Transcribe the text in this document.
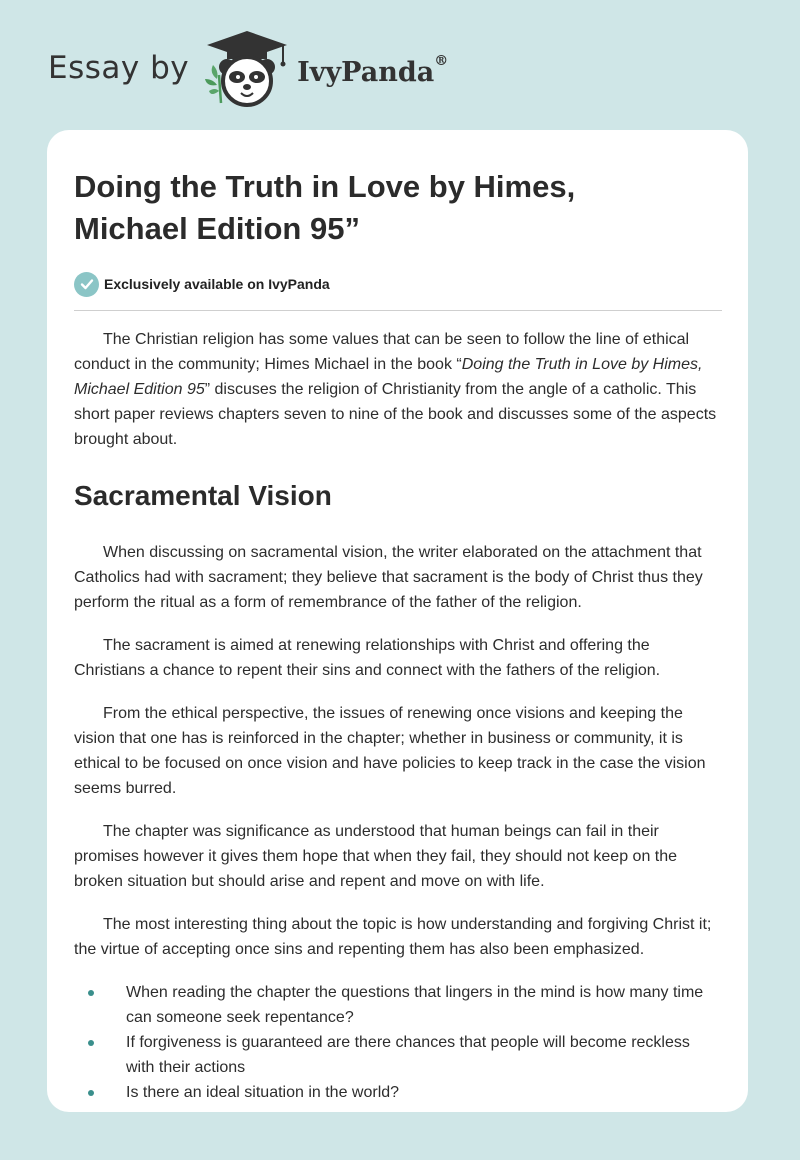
Essay by	IvyPanda®
Doing the Truth in Love by Himes,
Michael Edition 95”
Exclusively available on IvyPanda

The Christian religion has some values that can be seen to follow the line of ethical conduct in the community; Himes Michael in the book “Doing the Truth in Love by Himes, Michael Edition 95” discuses the religion of Christianity from the angle of a catholic. This short paper reviews chapters seven to nine of the book and discusses some of the aspects brought about.

Sacramental Vision

When discussing on sacramental vision, the writer elaborated on the attachment that Catholics had with sacrament; they believe that sacrament is the body of Christ thus they perform the ritual as a form of remembrance of the father of the religion.

The sacrament is aimed at renewing relationships with Christ and offering the Christians a chance to repent their sins and connect with the fathers of the religion.

From the ethical perspective, the issues of renewing once visions and keeping the vision that one has is reinforced in the chapter; whether in business or community, it is ethical to be focused on once vision and have policies to keep track in the case the vision seems burred.

The chapter was significance as understood that human beings can fail in their promises however it gives them hope that when they fail, they should not keep on the broken situation but should arise and repent and move on with life.

The most interesting thing about the topic is how understanding and forgiving Christ it; the virtue of accepting once sins and repenting them has also been emphasized.

When reading the chapter the questions that lingers in the mind is how many time can someone seek repentance?
If forgiveness is guaranteed are there chances that people will become reckless with their actions
Is there an ideal situation in the world?
